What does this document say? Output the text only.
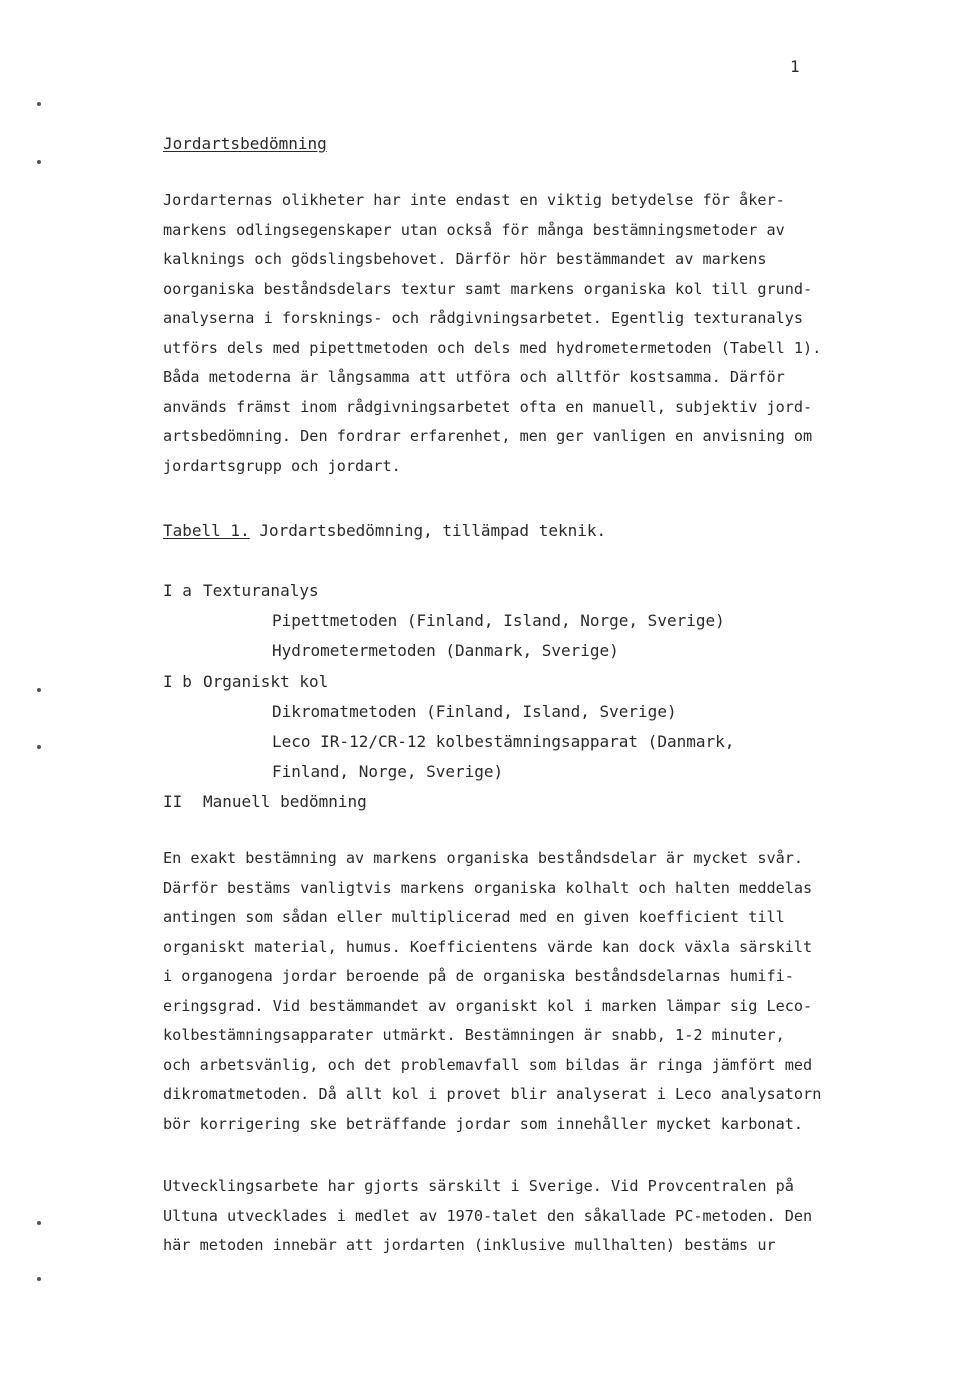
1
Jordartsbedömning
Jordarternas olikheter har inte endast en viktig betydelse för åker-
markens odlingsegenskaper utan också för många bestämningsmetoder av
kalknings och gödslingsbehovet. Därför hör bestämmandet av markens
oorganiska beståndsdelars textur samt markens organiska kol till grund-
analyserna i forsknings- och rådgivningsarbetet. Egentlig texturanalys
utförs dels med pipettmetoden och dels med hydrometermetoden (Tabell 1).
Båda metoderna är långsamma att utföra och alltför kostsamma. Därför
används främst inom rådgivningsarbetet ofta en manuell, subjektiv jord-
artsbedömning. Den fordrar erfarenhet, men ger vanligen en anvisning om
jordartsgrupp och jordart.
Tabell 1. Jordartsbedömning, tillämpad teknik.
I a Texturanalys
Pipettmetoden (Finland, Island, Norge, Sverige)
Hydrometermetoden (Danmark, Sverige)
I b Organiskt kol
Dikromatmetoden (Finland, Island, Sverige)
Leco IR-12/CR-12 kolbestämningsapparat (Danmark,
Finland, Norge, Sverige)
II Manuell bedömning
En exakt bestämning av markens organiska beståndsdelar är mycket svår.
Därför bestäms vanligtvis markens organiska kolhalt och halten meddelas
antingen som sådan eller multiplicerad med en given koefficient till
organiskt material, humus. Koefficientens värde kan dock växla särskilt
i organogena jordar beroende på de organiska beståndsdelarnas humifi-
eringsgrad. Vid bestämmandet av organiskt kol i marken lämpar sig Leco-
kolbestämningsapparater utmärkt. Bestämningen är snabb, 1-2 minuter,
och arbetsvänlig, och det problemavfall som bildas är ringa jämfört med
dikromatmetoden. Då allt kol i provet blir analyserat i Leco analysatorn
bör korrigering ske beträffande jordar som innehåller mycket karbonat.
Utvecklingsarbete har gjorts särskilt i Sverige. Vid Provcentralen på
Ultuna utvecklades i medlet av 1970-talet den såkallade PC-metoden. Den
här metoden innebär att jordarten (inklusive mullhalten) bestäms ur
